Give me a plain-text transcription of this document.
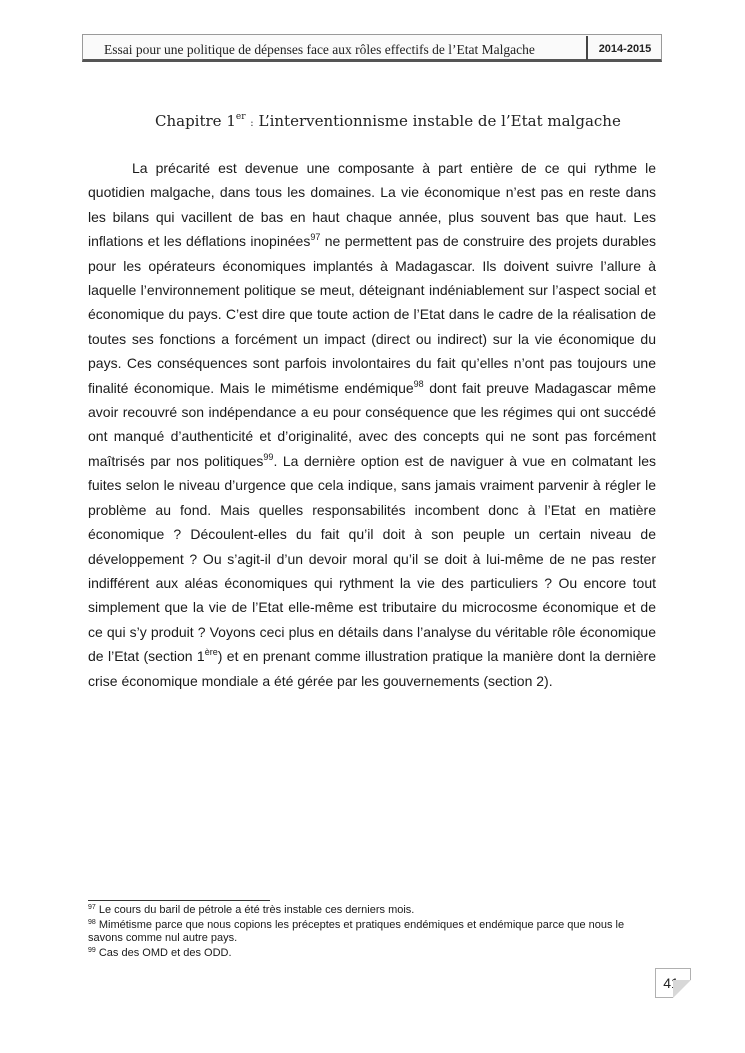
Essai pour une politique de dépenses face aux rôles effectifs de l’Etat Malgache	2014-2015
Chapitre 1er : L’interventionnisme instable de l’Etat malgache

La précarité est devenue une composante à part entière de ce qui rythme le quotidien malgache, dans tous les domaines. La vie économique n’est pas en reste dans les bilans qui vacillent de bas en haut chaque année, plus souvent bas que haut. Les inflations et les déflations inopinées$^{97}$ ne permettent pas de construire des projets durables pour les opérateurs économiques implantés à Madagascar. Ils doivent suivre l’allure à laquelle l’environnement politique se meut, déteignant indéniablement sur l’aspect social et économique du pays. C’est dire que toute action de l’Etat dans le cadre de la réalisation de toutes ses fonctions a forcément un impact (direct ou indirect) sur la vie économique du pays. Ces conséquences sont parfois involontaires du fait qu’elles n’ont pas toujours une finalité économique. Mais le mimétisme endémique$^{98}$ dont fait preuve Madagascar même avoir recouvré son indépendance a eu pour conséquence que les régimes qui ont succédé ont manqué d’authenticité et d’originalité, avec des concepts qui ne sont pas forcément maîtrisés par nos politiques$^{99}$. La dernière option est de naviguer à vue en colmatant les fuites selon le niveau d’urgence que cela indique, sans jamais vraiment parvenir à régler le problème au fond. Mais quelles responsabilités incombent donc à l’Etat en matière économique ? Découlent-elles du fait qu’il doit à son peuple un certain niveau de développement ? Ou s’agit-il d’un devoir moral qu’il se doit à lui-même de ne pas rester indifférent aux aléas économiques qui rythment la vie des particuliers ? Ou encore tout simplement que la vie de l’Etat elle-même est tributaire du microcosme économique et de ce qui s’y produit ? Voyons ceci plus en détails dans l’analyse du véritable rôle économique de l’Etat (section 1ère) et en prenant comme illustration pratique la manière dont la dernière crise économique mondiale a été gérée par les gouvernements (section 2).

$^{97}$ Le cours du baril de pétrole a été très instable ces derniers mois.

$^{98}$ Mimétisme parce que nous copions les préceptes et pratiques endémiques et endémique parce que nous le savons comme nul autre pays.

$^{99}$ Cas des OMD et des ODD.

41
